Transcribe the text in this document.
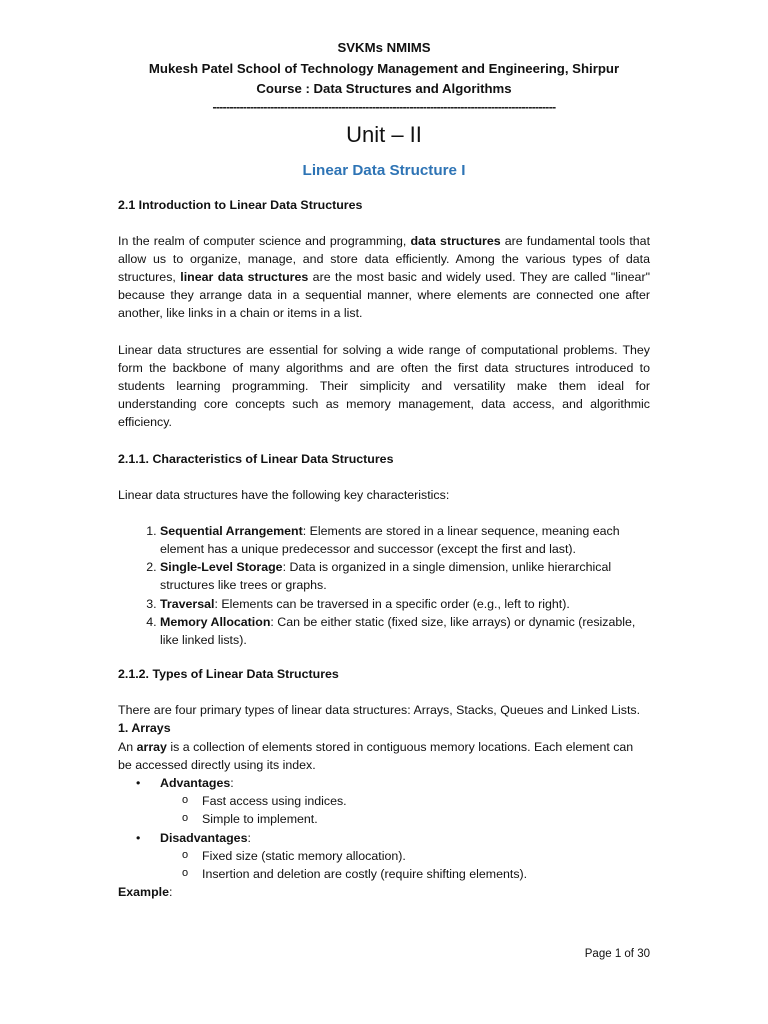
SVKMs NMIMS
Mukesh Patel School of Technology Management and Engineering, Shirpur
Course : Data Structures and Algorithms
-----------------------------------------------------------------------------------------------------
Unit – II
Linear Data Structure I
2.1 Introduction to Linear Data Structures

In the realm of computer science and programming, data structures are fundamental tools that allow us to organize, manage, and store data efficiently. Among the various types of data structures, linear data structures are the most basic and widely used. They are called "linear" because they arrange data in a sequential manner, where elements are connected one after another, like links in a chain or items in a list.

Linear data structures are essential for solving a wide range of computational problems. They form the backbone of many algorithms and are often the first data structures introduced to students learning programming. Their simplicity and versatility make them ideal for understanding core concepts such as memory management, data access, and algorithmic efficiency.

2.1.1. Characteristics of Linear Data Structures

Linear data structures have the following key characteristics:

1. Sequential Arrangement: Elements are stored in a linear sequence, meaning each element has a unique predecessor and successor (except the first and last).
2. Single-Level Storage: Data is organized in a single dimension, unlike hierarchical structures like trees or graphs.
3. Traversal: Elements can be traversed in a specific order (e.g., left to right).
4. Memory Allocation: Can be either static (fixed size, like arrays) or dynamic (resizable, like linked lists).
2.1.2. Types of Linear Data Structures

There are four primary types of linear data structures: Arrays, Stacks, Queues and Linked Lists.

1. Arrays

An array is a collection of elements stored in contiguous memory locations. Each element can be accessed directly using its index.

• Advantages:
o Fast access using indices.
o Simple to implement.
• Disadvantages:
o Fixed size (static memory allocation).
o Insertion and deletion are costly (require shifting elements).

Example:

Page 1 of 30
